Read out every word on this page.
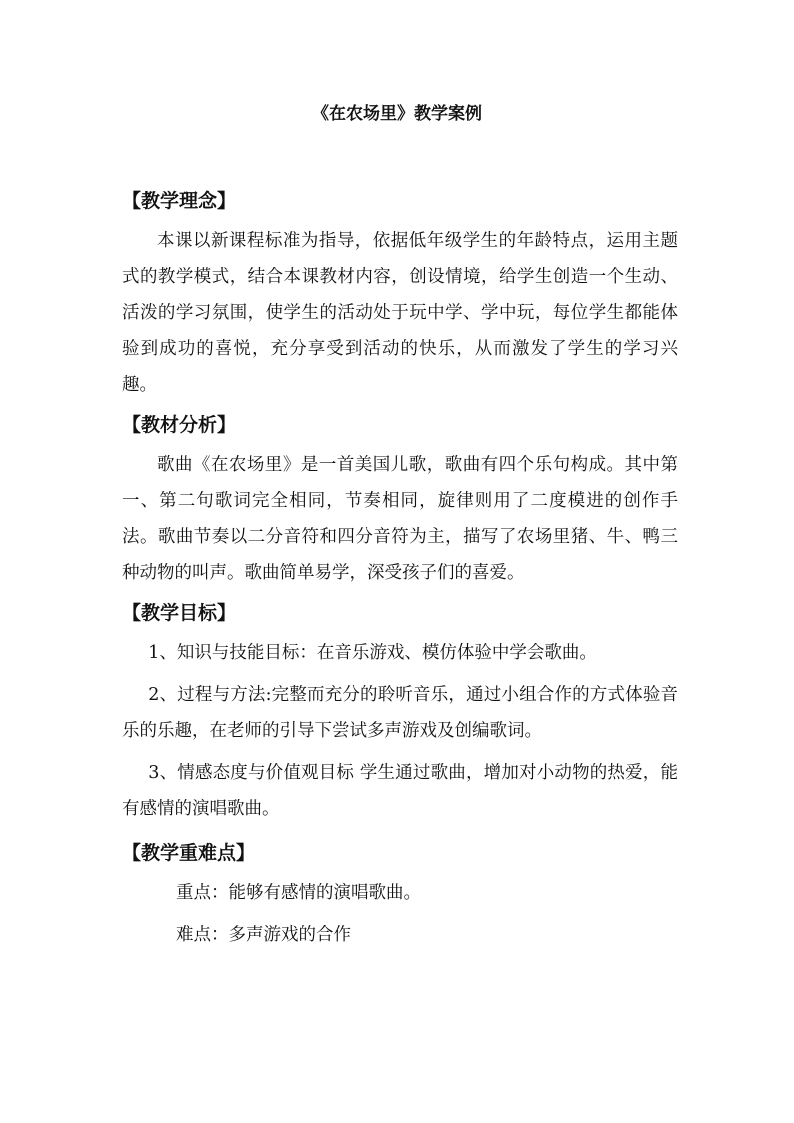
《在农场里》教学案例
【教学理念】

本课以新课程标准为指导，依据低年级学生的年龄特点，运用主题式的教学模式，结合本课教材内容，创设情境，给学生创造一个生动、活泼的学习氛围，使学生的活动处于玩中学、学中玩，每位学生都能体验到成功的喜悦，充分享受到活动的快乐，从而激发了学生的学习兴趣。

【教材分析】

歌曲《在农场里》是一首美国儿歌，歌曲有四个乐句构成。其中第一、第二句歌词完全相同，节奏相同，旋律则用了二度模进的创作手法。歌曲节奏以二分音符和四分音符为主，描写了农场里猪、牛、鸭三种动物的叫声。歌曲简单易学，深受孩子们的喜爱。

【教学目标】

1、知识与技能目标：在音乐游戏、模仿体验中学会歌曲。

2、过程与方法:完整而充分的聆听音乐，通过小组合作的方式体验音乐的乐趣，在老师的引导下尝试多声游戏及创编歌词。

3、情感态度与价值观目标 学生通过歌曲，增加对小动物的热爱，能有感情的演唱歌曲。

【教学重难点】

重点：能够有感情的演唱歌曲。

难点：多声游戏的合作
